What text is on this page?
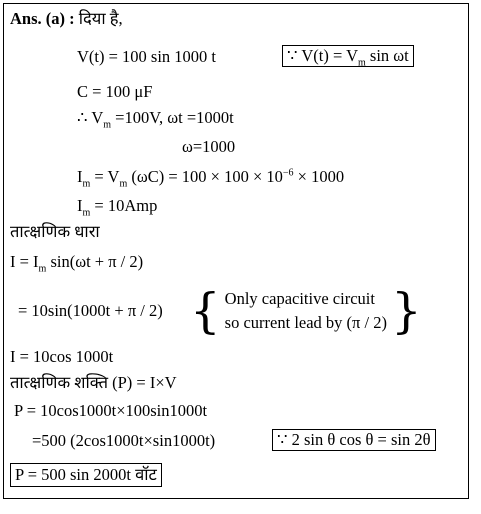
Ans. (a) : दिया है,
V(t) = 100 sin 1000 t	∵ $V(t) = V_m$ sin ωt
C = 100 μF
∴ $V_m =100V$, ωt =1000t
ω=1000
$I_m = V_m$ $(\omega C) = 100 \times 100 \times 10^{-6} \times 1000$
$I_m = 10Amp$
तात्क्षणिक धारा
$I = I_m$ sin(ωt + π / 2)
= 10sin(1000t + π / 2) { Only capacitive circuit
so current lead by (π / 2) }
I = 10cos 1000t
तात्क्षणिक शक्ति (P) = I×V
P = 10cos1000t×100sin1000t
=500 (2cos1000t×sin1000t)	∵ 2 sin θ cos θ = sin 2θ
P = 500 sin 2000t वॉट
